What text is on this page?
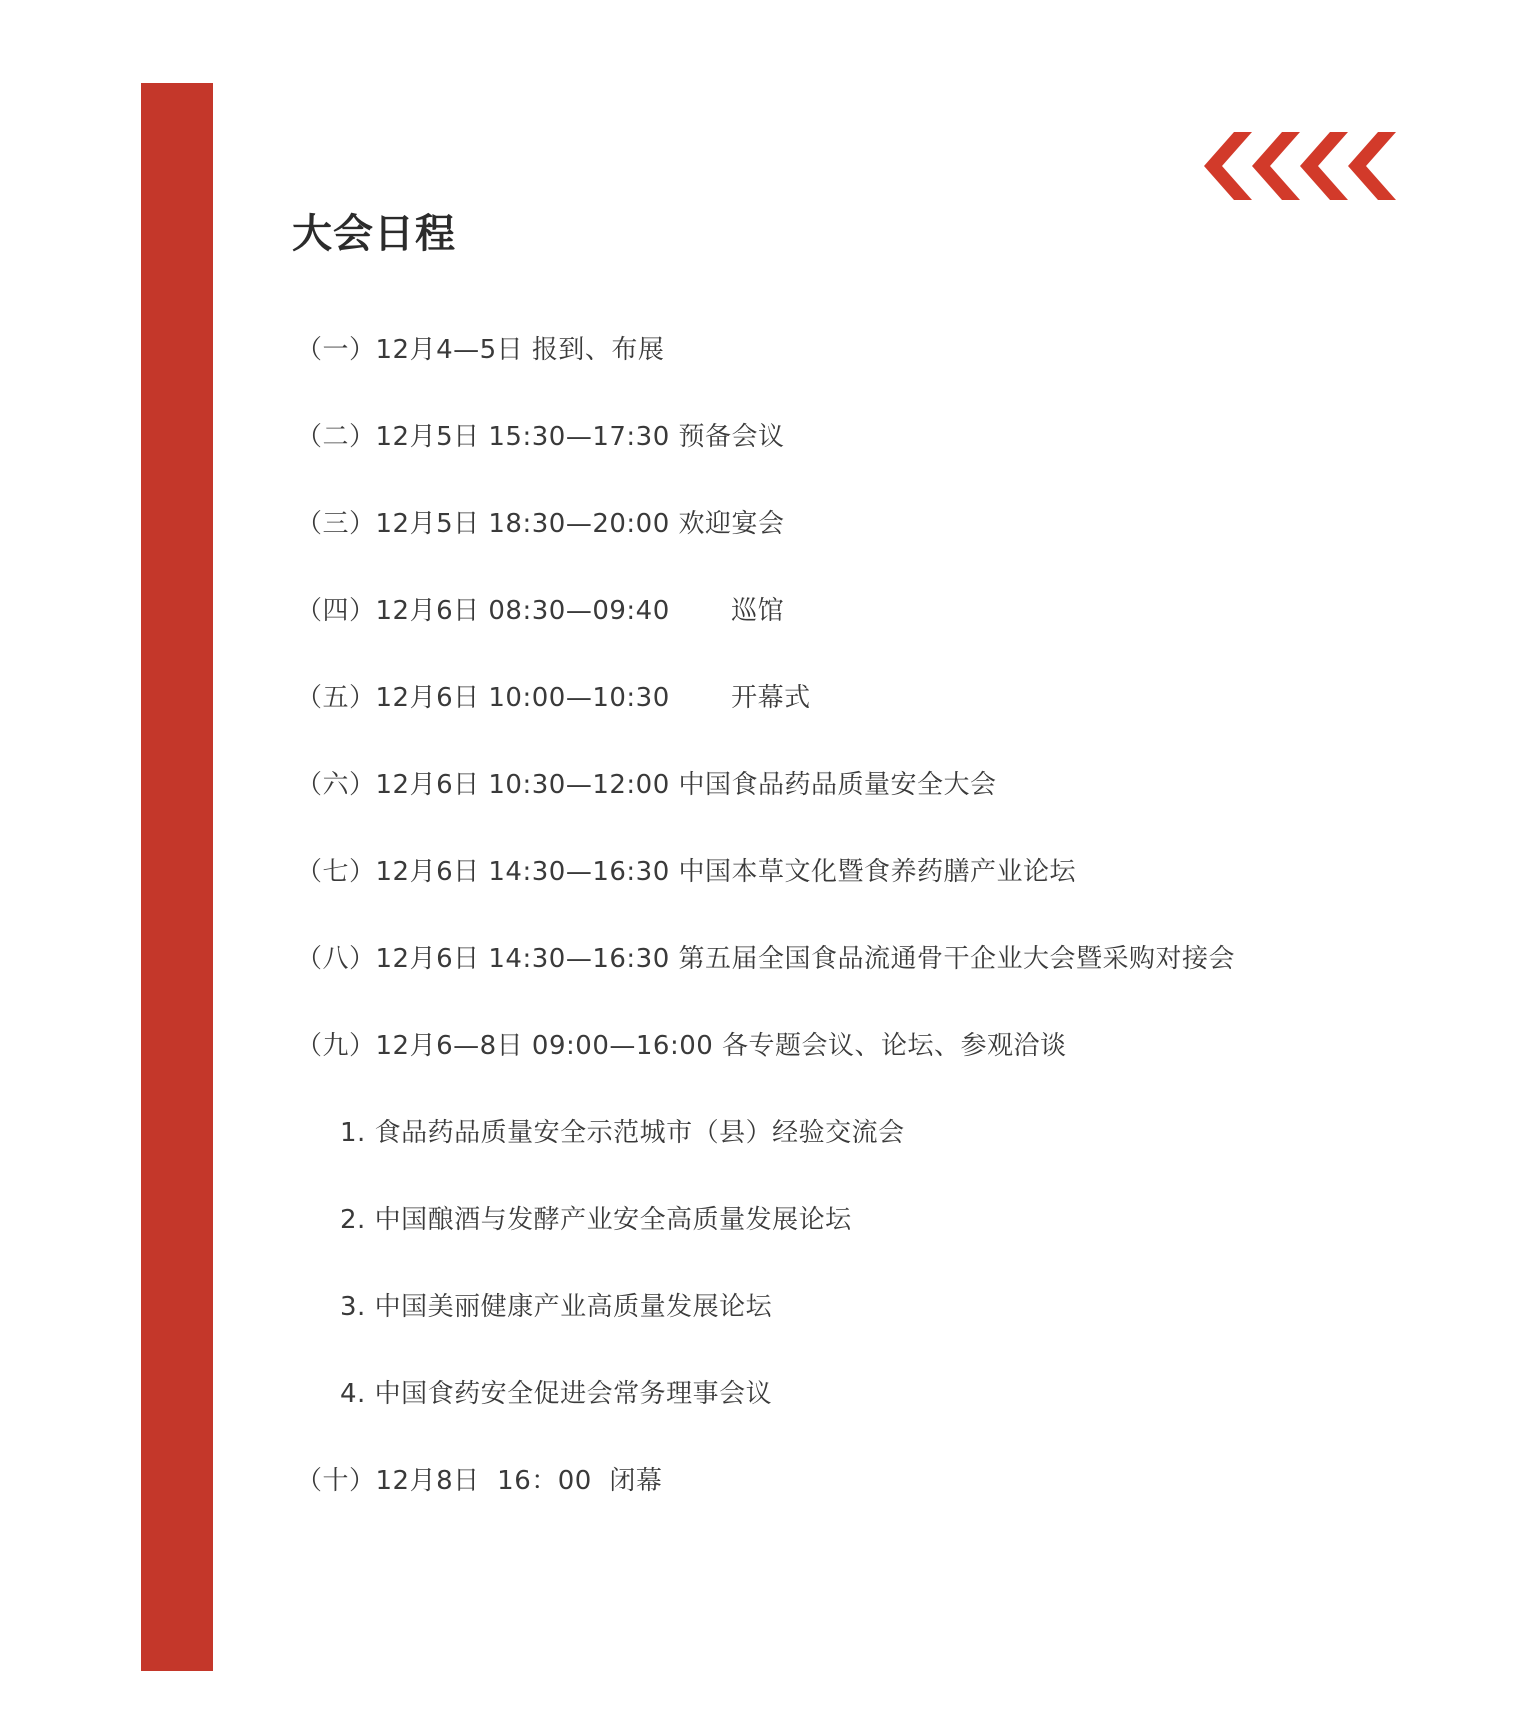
大会日程
（一）12月4—5日 报到、布展
（二）12月5日 15:30—17:30 预备会议
（三）12月5日 18:30—20:00 欢迎宴会
（四）12月6日 08:30—09:40       巡馆
（五）12月6日 10:00—10:30       开幕式
（六）12月6日 10:30—12:00 中国食品药品质量安全大会
（七）12月6日 14:30—16:30 中国本草文化暨食养药膳产业论坛
（八）12月6日 14:30—16:30 第五届全国食品流通骨干企业大会暨采购对接会
（九）12月6—8日 09:00—16:00 各专题会议、论坛、参观洽谈
1. 食品药品质量安全示范城市（县）经验交流会
2. 中国酿酒与发酵产业安全高质量发展论坛
3. 中国美丽健康产业高质量发展论坛
4. 中国食药安全促进会常务理事会议
（十）12月8日  16：00  闭幕
